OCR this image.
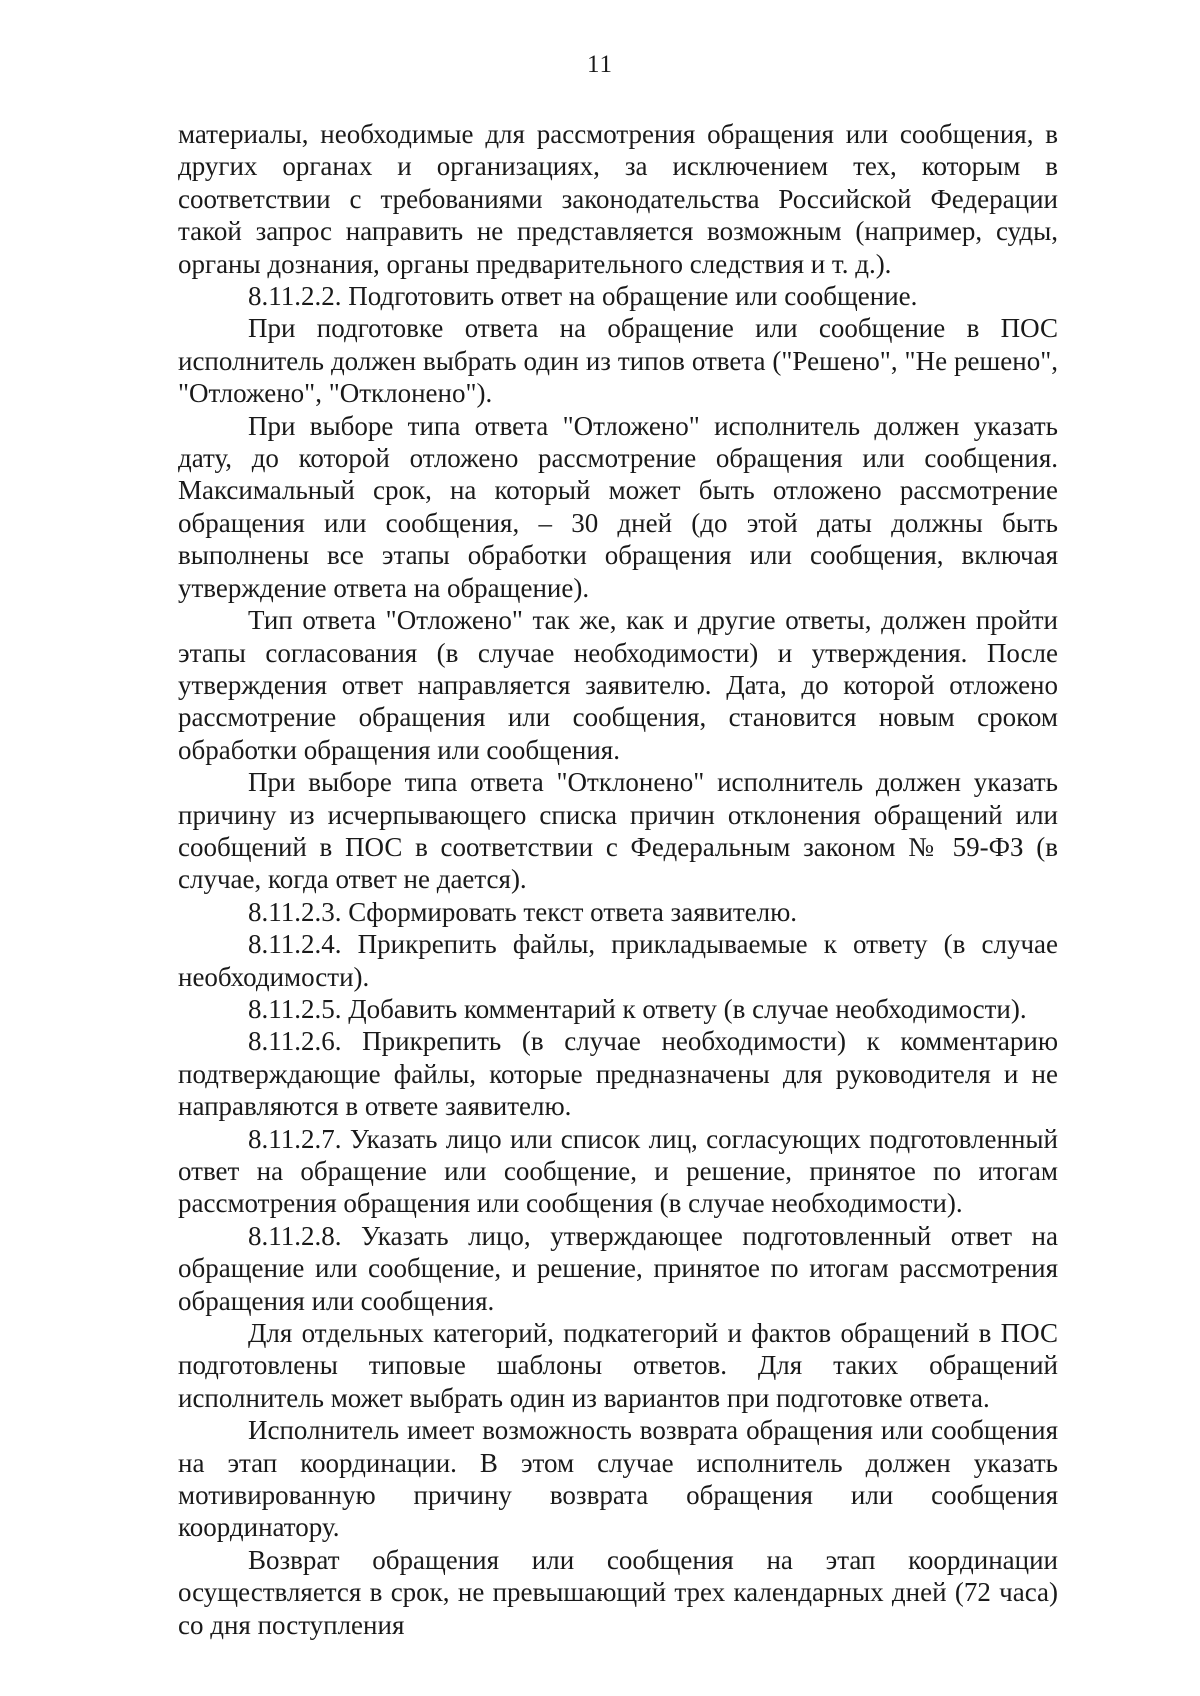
11

материалы, необходимые для рассмотрения обращения или сообщения, в других органах и организациях, за исключением тех, которым в соответствии с требованиями законодательства Российской Федерации такой запрос направить не представляется возможным (например, суды, органы дознания, органы предварительного следствия и т. д.).

8.11.2.2. Подготовить ответ на обращение или сообщение.

При подготовке ответа на обращение или сообщение в ПОС исполнитель должен выбрать один из типов ответа ("Решено", "Не решено", "Отложено", "Отклонено").

При выборе типа ответа "Отложено" исполнитель должен указать дату, до которой отложено рассмотрение обращения или сообщения. Максимальный срок, на который может быть отложено рассмотрение обращения или сообщения, – 30 дней (до этой даты должны быть выполнены все этапы обработки обращения или сообщения, включая утверждение ответа на обращение).

Тип ответа "Отложено" так же, как и другие ответы, должен пройти этапы согласования (в случае необходимости) и утверждения. После утверждения ответ направляется заявителю. Дата, до которой отложено рассмотрение обращения или сообщения, становится новым сроком обработки обращения или сообщения.

При выборе типа ответа "Отклонено" исполнитель должен указать причину из исчерпывающего списка причин отклонения обращений или сообщений в ПОС в соответствии с Федеральным законом № 59-ФЗ (в случае, когда ответ не дается).

8.11.2.3. Сформировать текст ответа заявителю.

8.11.2.4. Прикрепить файлы, прикладываемые к ответу (в случае необходимости).

8.11.2.5. Добавить комментарий к ответу (в случае необходимости).

8.11.2.6. Прикрепить (в случае необходимости) к комментарию подтверждающие файлы, которые предназначены для руководителя и не направляются в ответе заявителю.

8.11.2.7. Указать лицо или список лиц, согласующих подготовленный ответ на обращение или сообщение, и решение, принятое по итогам рассмотрения обращения или сообщения (в случае необходимости).

8.11.2.8. Указать лицо, утверждающее подготовленный ответ на обращение или сообщение, и решение, принятое по итогам рассмотрения обращения или сообщения.

Для отдельных категорий, подкатегорий и фактов обращений в ПОС подготовлены типовые шаблоны ответов. Для таких обращений исполнитель может выбрать один из вариантов при подготовке ответа.

Исполнитель имеет возможность возврата обращения или сообщения на этап координации. В этом случае исполнитель должен указать мотивированную причину возврата обращения или сообщения координатору.

Возврат обращения или сообщения на этап координации осуществляется в срок, не превышающий трех календарных дней (72 часа) со дня поступления
